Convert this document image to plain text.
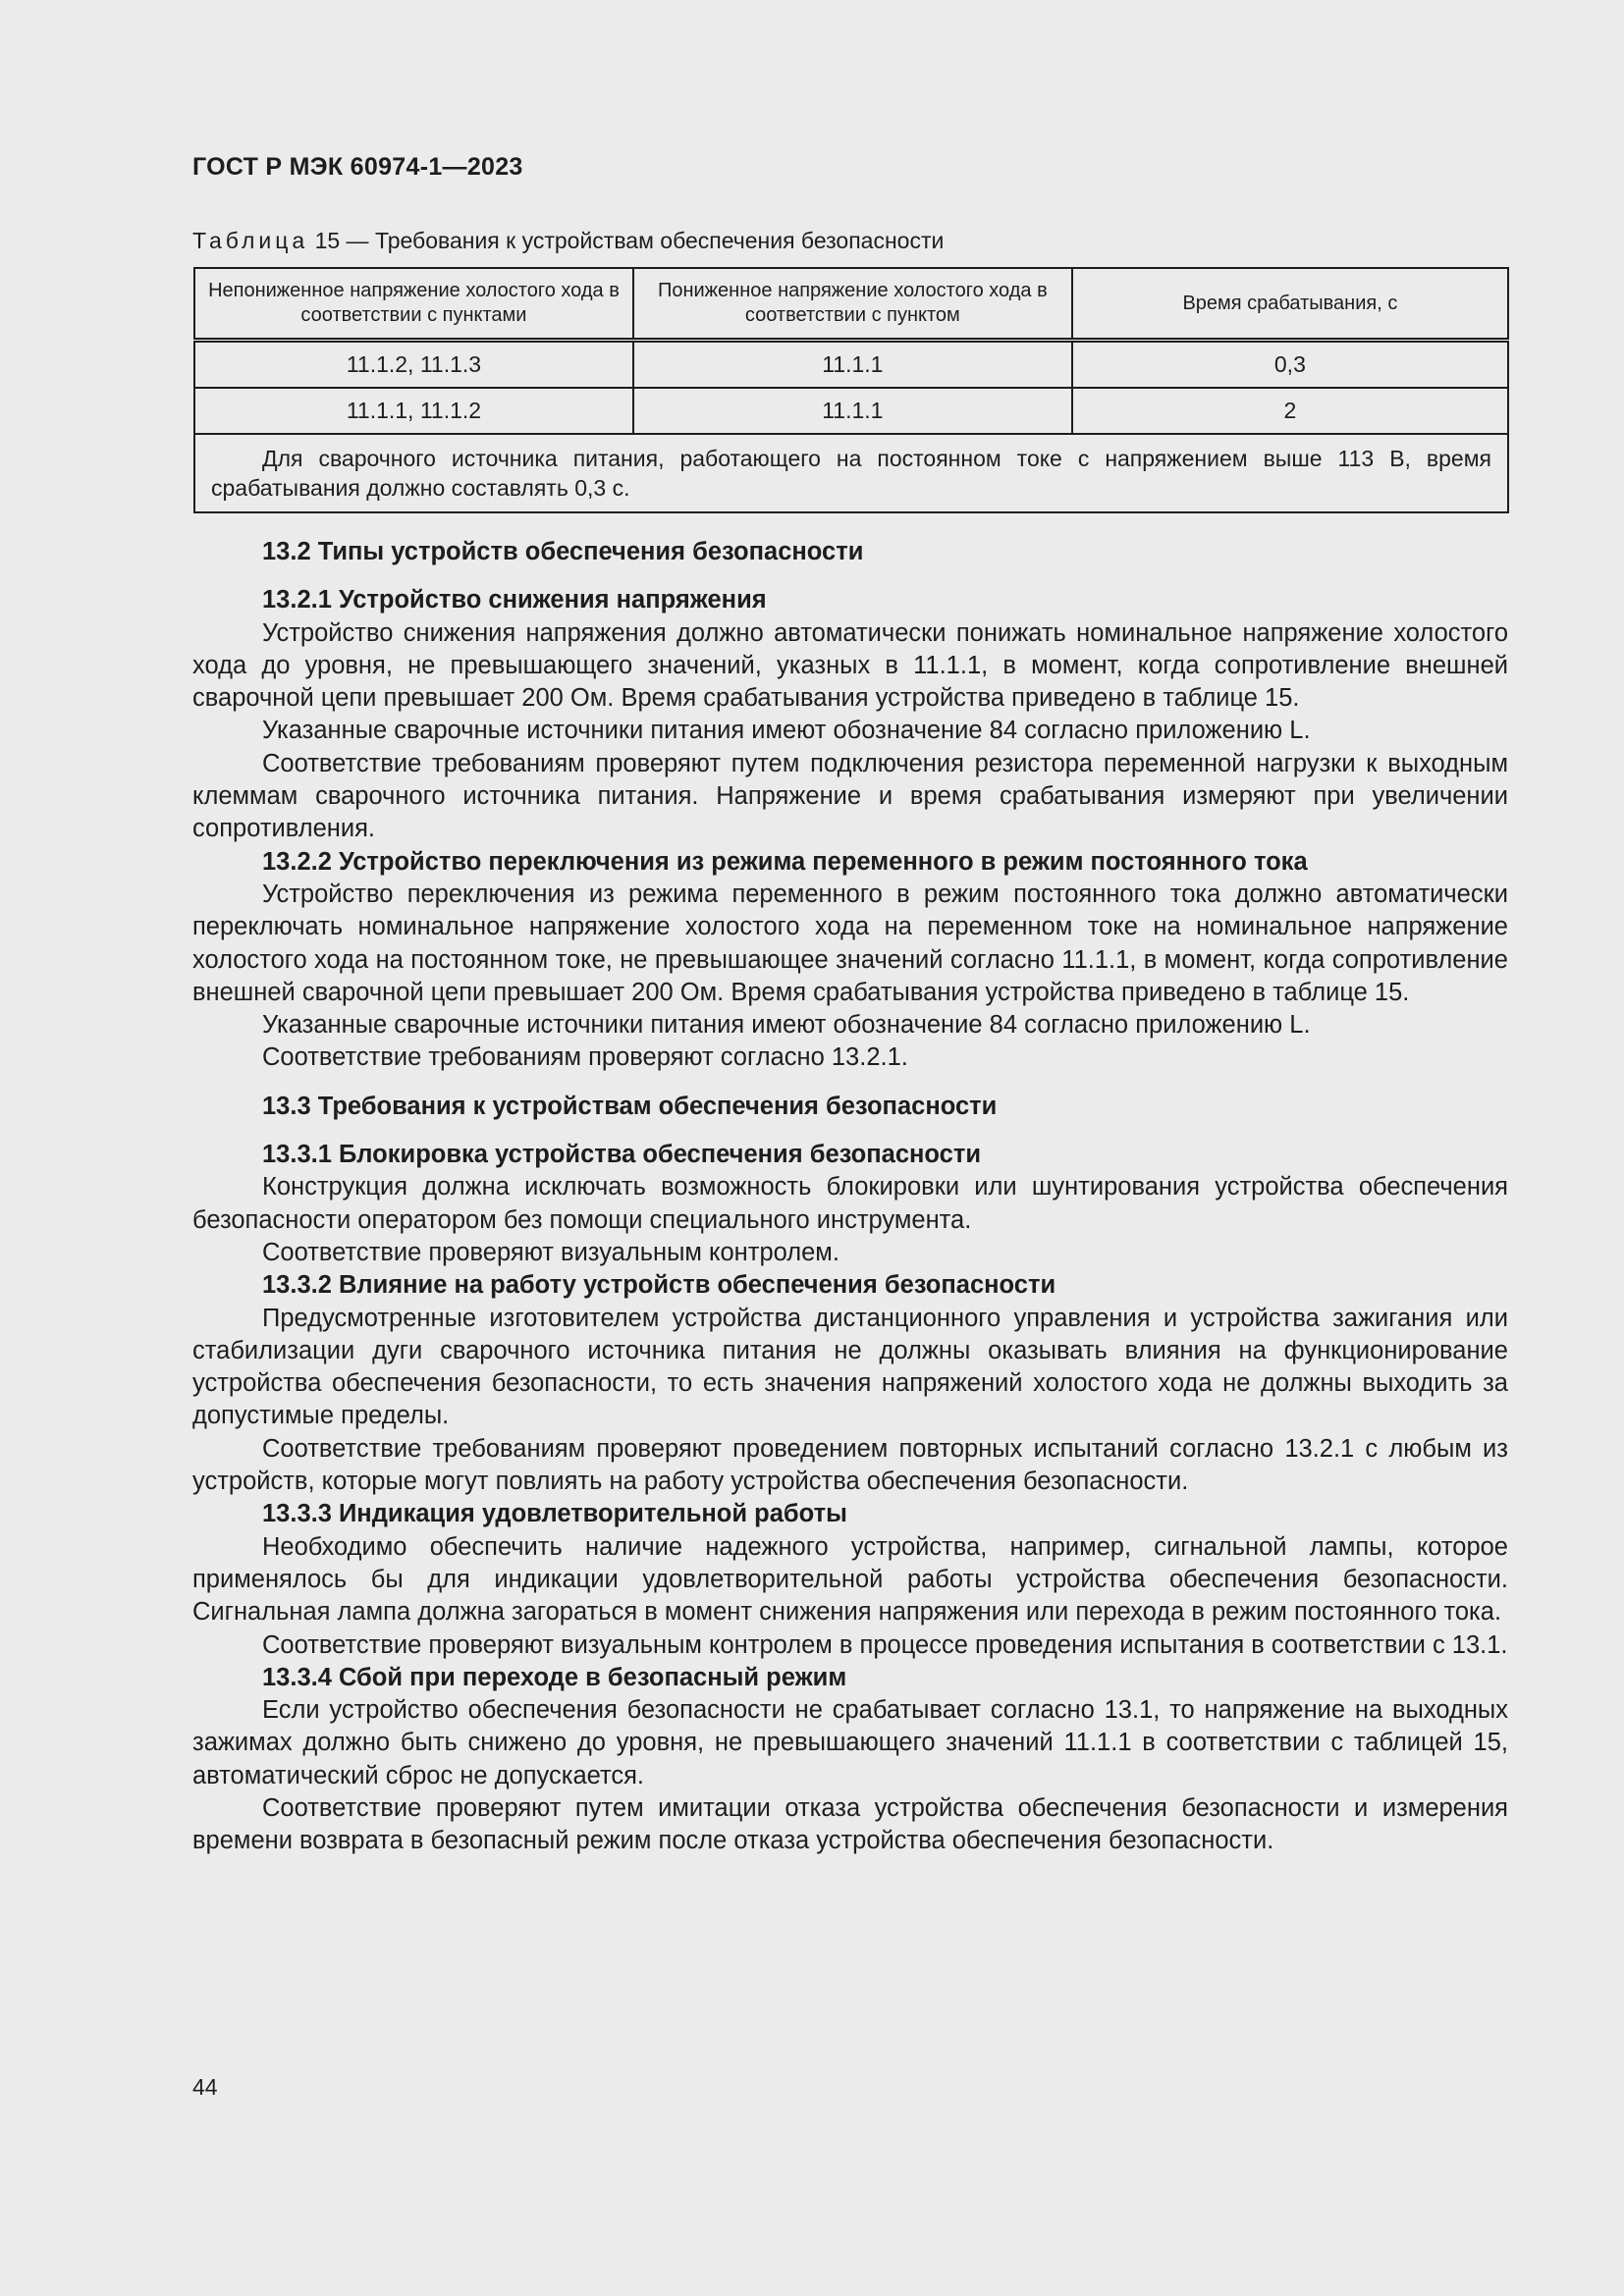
ГОСТ Р МЭК 60974-1—2023
Таблица 15 — Требования к устройствам обеспечения безопасности
Непониженное напряжение холостого хода в соответствии с пунктами	Пониженное напряжение холостого хода в соответствии с пунктом	Время срабатывания, с
11.1.2, 11.1.3	11.1.1	0,3
11.1.1, 11.1.2	11.1.1	2

Для сварочного источника питания, работающего на постоянном токе с напряжением выше 113 В, время срабатывания должно составлять 0,3 с.		

13.2 Типы устройств обеспечения безопасности

13.2.1 Устройство снижения напряжения

Устройство снижения напряжения должно автоматически понижать номинальное напряжение холостого хода до уровня, не превышающего значений, указных в 11.1.1, в момент, когда сопротивление внешней сварочной цепи превышает 200 Ом. Время срабатывания устройства приведено в таблице 15.

Указанные сварочные источники питания имеют обозначение 84 согласно приложению L.

Соответствие требованиям проверяют путем подключения резистора переменной нагрузки к выходным клеммам сварочного источника питания. Напряжение и время срабатывания измеряют при увеличении сопротивления.

13.2.2 Устройство переключения из режима переменного в режим постоянного тока

Устройство переключения из режима переменного в режим постоянного тока должно автоматически переключать номинальное напряжение холостого хода на переменном токе на номинальное напряжение холостого хода на постоянном токе, не превышающее значений согласно 11.1.1, в момент, когда сопротивление внешней сварочной цепи превышает 200 Ом. Время срабатывания устройства приведено в таблице 15.

Указанные сварочные источники питания имеют обозначение 84 согласно приложению L.

Соответствие требованиям проверяют согласно 13.2.1.

13.3 Требования к устройствам обеспечения безопасности

13.3.1 Блокировка устройства обеспечения безопасности

Конструкция должна исключать возможность блокировки или шунтирования устройства обеспечения безопасности оператором без помощи специального инструмента.

Соответствие проверяют визуальным контролем.

13.3.2 Влияние на работу устройств обеспечения безопасности

Предусмотренные изготовителем устройства дистанционного управления и устройства зажигания или стабилизации дуги сварочного источника питания не должны оказывать влияния на функционирование устройства обеспечения безопасности, то есть значения напряжений холостого хода не должны выходить за допустимые пределы.

Соответствие требованиям проверяют проведением повторных испытаний согласно 13.2.1 с любым из устройств, которые могут повлиять на работу устройства обеспечения безопасности.

13.3.3 Индикация удовлетворительной работы

Необходимо обеспечить наличие надежного устройства, например, сигнальной лампы, которое применялось бы для индикации удовлетворительной работы устройства обеспечения безопасности. Сигнальная лампа должна загораться в момент снижения напряжения или перехода в режим постоянного тока.

Соответствие проверяют визуальным контролем в процессе проведения испытания в соответствии с 13.1.

13.3.4 Сбой при переходе в безопасный режим

Если устройство обеспечения безопасности не срабатывает согласно 13.1, то напряжение на выходных зажимах должно быть снижено до уровня, не превышающего значений 11.1.1 в соответствии с таблицей 15, автоматический сброс не допускается.

Соответствие проверяют путем имитации отказа устройства обеспечения безопасности и измерения времени возврата в безопасный режим после отказа устройства обеспечения безопасности.

44
